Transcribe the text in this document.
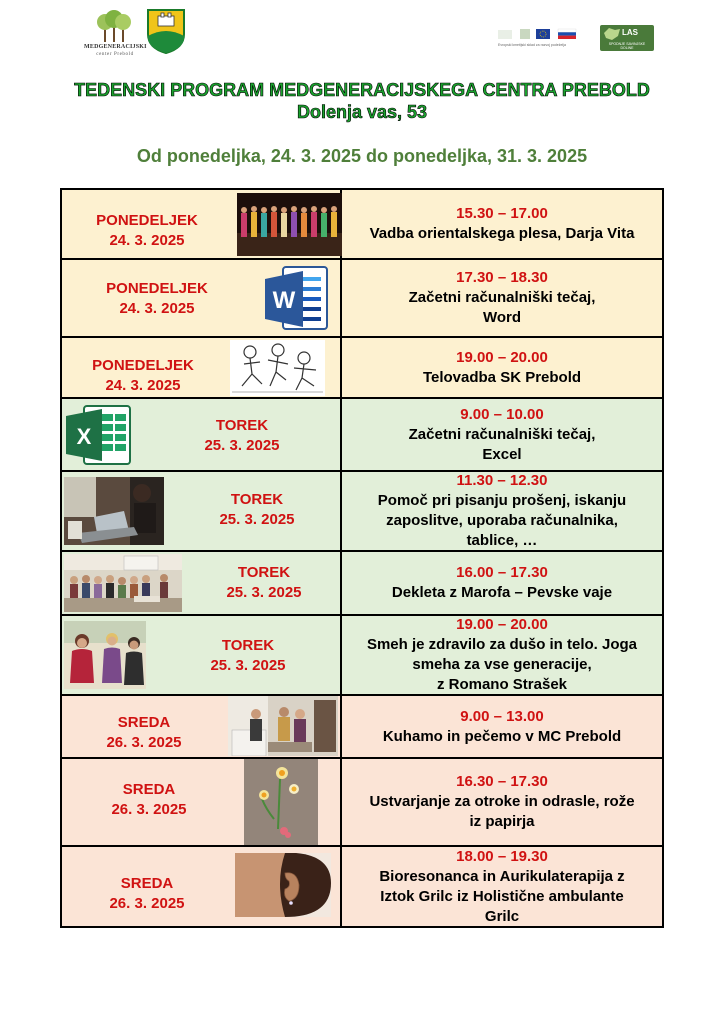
MEDGENERACIJSKI
center Prebold
Evropski kmetijski sklad za razvoj podeželja
LAS
SPODNJE SAVINJSKE DOLINE
TEDENSKI PROGRAM MEDGENERACIJSKEGA CENTRA PREBOLD
Dolenja vas, 53
Od ponedeljka, 24. 3. 2025 do ponedeljka, 31. 3. 2025
PONEDELJEK
24. 3. 2025
15.30 – 17.00
Vadba orientalskega plesa, Darja Vita
PONEDELJEK
24. 3. 2025	W
17.30 – 18.30
Začetni računalniški tečaj,
Word
PONEDELJEK
24. 3. 2025
19.00 – 20.00
Telovadba SK Prebold
X	TOREK
25. 3. 2025
9.00 – 10.00
Začetni računalniški tečaj,
Excel
TOREK
25. 3. 2025
11.30 – 12.30
Pomoč pri pisanju prošenj, iskanju
zaposlitve, uporaba računalnika,
tablice, …
TOREK
25. 3. 2025
16.00 – 17.30
Dekleta z Marofa – Pevske vaje
TOREK
25. 3. 2025
19.00 – 20.00
Smeh je zdravilo za dušo in telo. Joga
smeha za vse generacije,
z Romano Strašek
SREDA
26. 3. 2025
9.00 – 13.00
Kuhamo in pečemo v MC Prebold
SREDA
26. 3. 2025
16.30 – 17.30
Ustvarjanje za otroke in odrasle, rože
iz papirja
SREDA
26. 3. 2025
18.00 – 19.30
Bioresonanca in Aurikulaterapija z
Iztok Grilc iz Holistične ambulante
Grilc
